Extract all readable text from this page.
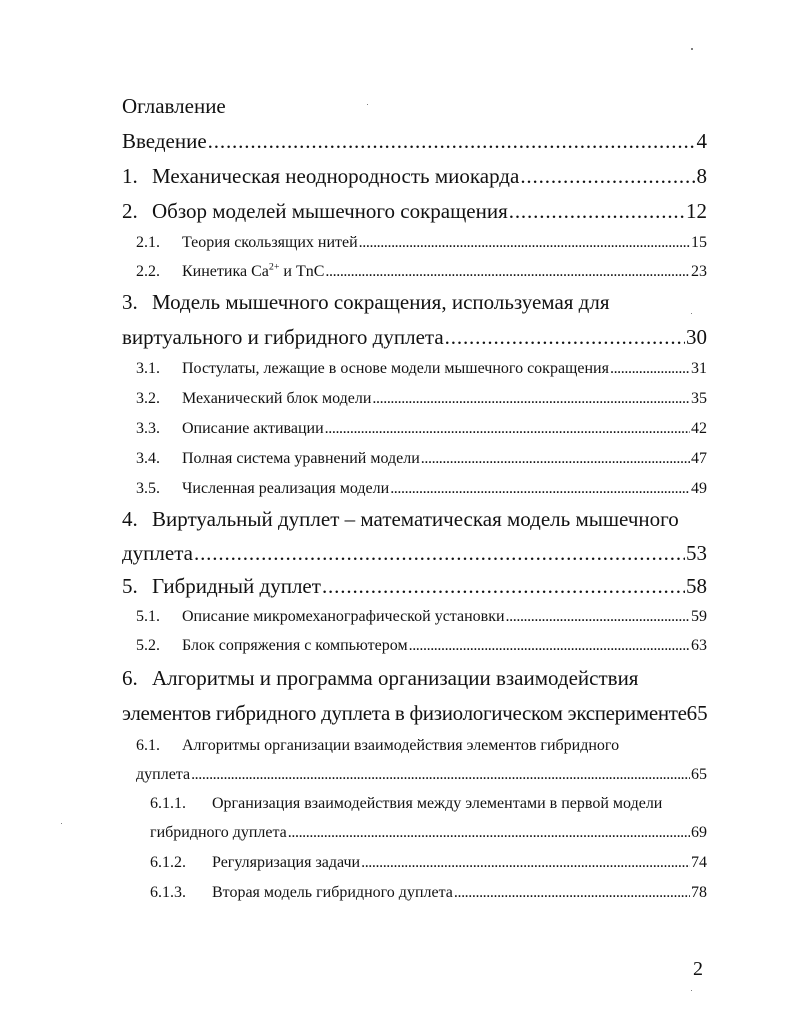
Оглавление
Введение . . .	4
1. Механическая неоднородность миокарда . . .	8
2. Обзор моделей мышечного сокращения . . .	12
2.1.	Теория скользящих нитей . . .	15
2.2.	Кинетика $Ca^{2+}$ и TnC . . .	23
3. Модель мышечного сокращения, используемая для
виртуального и гибридного дуплета . . .	30
3.1.	Постулаты, лежащие в основе модели мышечного сокращения . . .	31
3.2.	Механический блок модели . . .	35
3.3.	Описание активации . . .	42
3.4.	Полная система уравнений модели . . .	47
3.5.	Численная реализация модели . . .	49
4. Виртуальный дуплет – математическая модель мышечного
дуплета . . .	53
5. Гибридный дуплет . . .	58
5.1.	Описание микромеханографической установки . . .	59
5.2.	Блок сопряжения с компьютером . . .	63
6. Алгоритмы и программа организации взаимодействия
элементов гибридного дуплета в физиологическом эксперименте 65
6.1. Алгоритмы организации взаимодействия элементов гибридного
дуплета . . .	65
6.1.1. Организация взаимодействия между элементами в первой модели
гибридного дуплета . . .	69
6.1.2.	Регуляризация задачи . . .	74
6.1.3.	Вторая модель гибридного дуплета . . .	78
2
